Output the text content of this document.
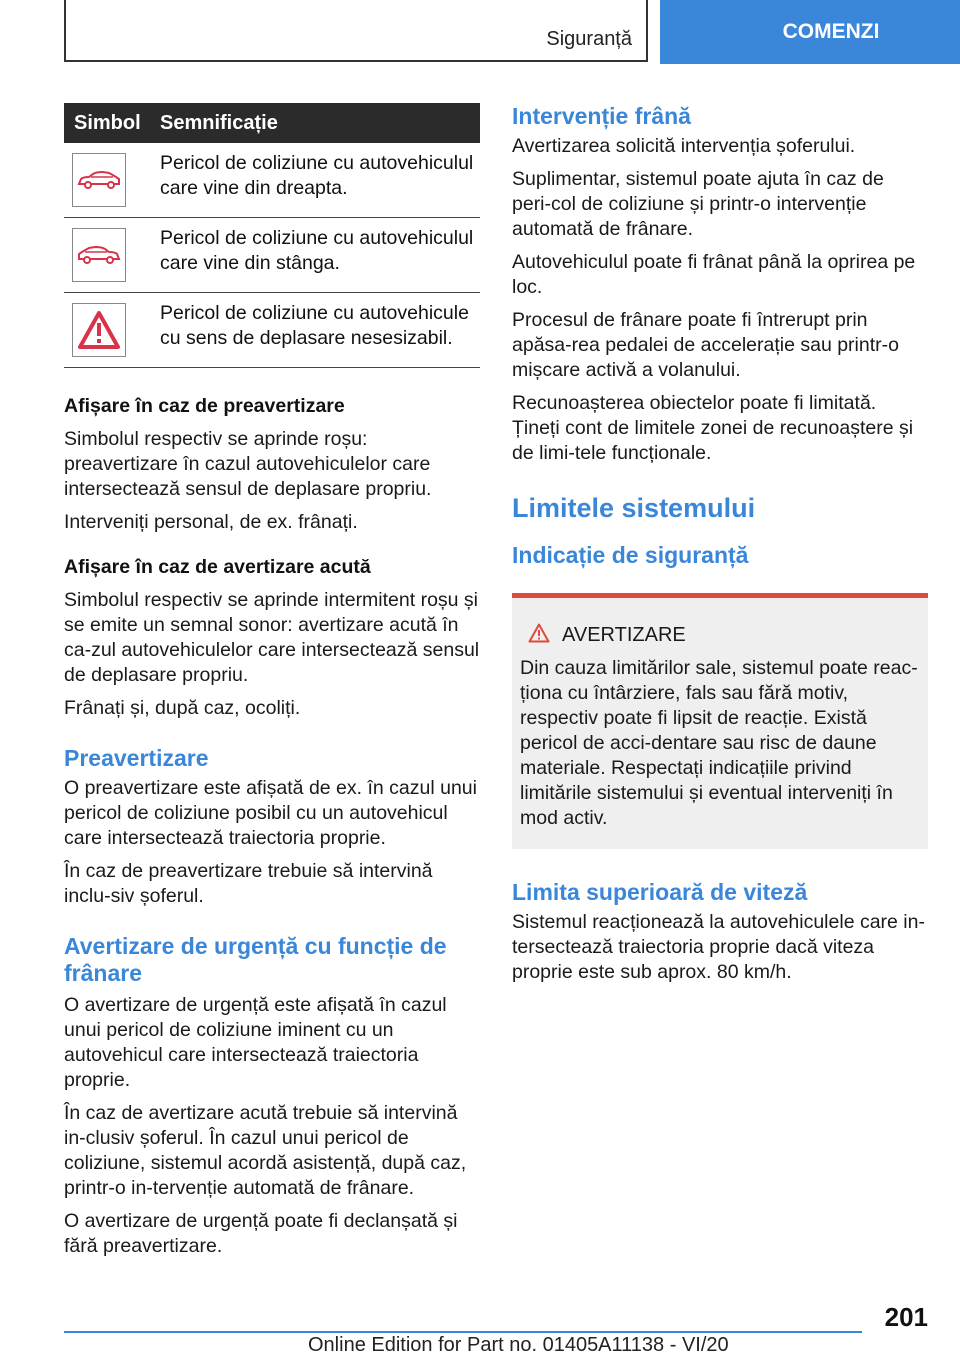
Siguranță	COMENZI
Simbol	Semnificație

	Pericol de coliziune cu autovehiculul care vine din dreapta.

	Pericol de coliziune cu autovehiculul care vine din stânga.

	Pericol de coliziune cu autovehicule cu sens de deplasare nesesizabil.
Afișare în caz de preavertizare

Simbolul respectiv se aprinde roșu: preavertizare în cazul autovehiculelor care intersectează sensul de deplasare propriu.

Interveniți personal, de ex. frânați.

Afișare în caz de avertizare acută

Simbolul respectiv se aprinde intermitent roșu și se emite un semnal sonor: avertizare acută în ca-zul autovehiculelor care intersectează sensul de deplasare propriu.

Frânați și, după caz, ocoliți.

Preavertizare

O preavertizare este afișată de ex. în cazul unui pericol de coliziune posibil cu un autovehicul care intersectează traiectoria proprie.

În caz de preavertizare trebuie să intervină inclu-siv șoferul.

Avertizare de urgență cu funcție de frânare

O avertizare de urgență este afișată în cazul unui pericol de coliziune iminent cu un autovehicul care intersectează traiectoria proprie.

În caz de avertizare acută trebuie să intervină in-clusiv șoferul. În cazul unui pericol de coliziune, sistemul acordă asistență, după caz, printr-o in-tervenție automată de frânare.

O avertizare de urgență poate fi declanșată și fără preavertizare.

Intervenție frână

Avertizarea solicită intervenția șoferului.

Suplimentar, sistemul poate ajuta în caz de peri-col de coliziune și printr-o intervenție automată de frânare.

Autovehiculul poate fi frânat până la oprirea pe loc.

Procesul de frânare poate fi întrerupt prin apăsa-rea pedalei de accelerație sau printr-o mișcare activă a volanului.

Recunoașterea obiectelor poate fi limitată. Țineți cont de limitele zonei de recunoaștere și de limi-tele funcționale.

Limitele sistemului
Indicație de siguranță
AVERTIZARE

Din cauza limitărilor sale, sistemul poate reac-ționa cu întârziere, fals sau fără motiv, respectiv poate fi lipsit de reacție. Există pericol de acci-dentare sau risc de daune materiale. Respectați indicațiile privind limitările sistemului și eventual interveniți în mod activ.

Limita superioară de viteză

Sistemul reacționează la autovehiculele care in-tersectează traiectoria proprie dacă viteza proprie este sub aprox. 80 km/h.

201
Online Edition for Part no. 01405A11138 - VI/20
